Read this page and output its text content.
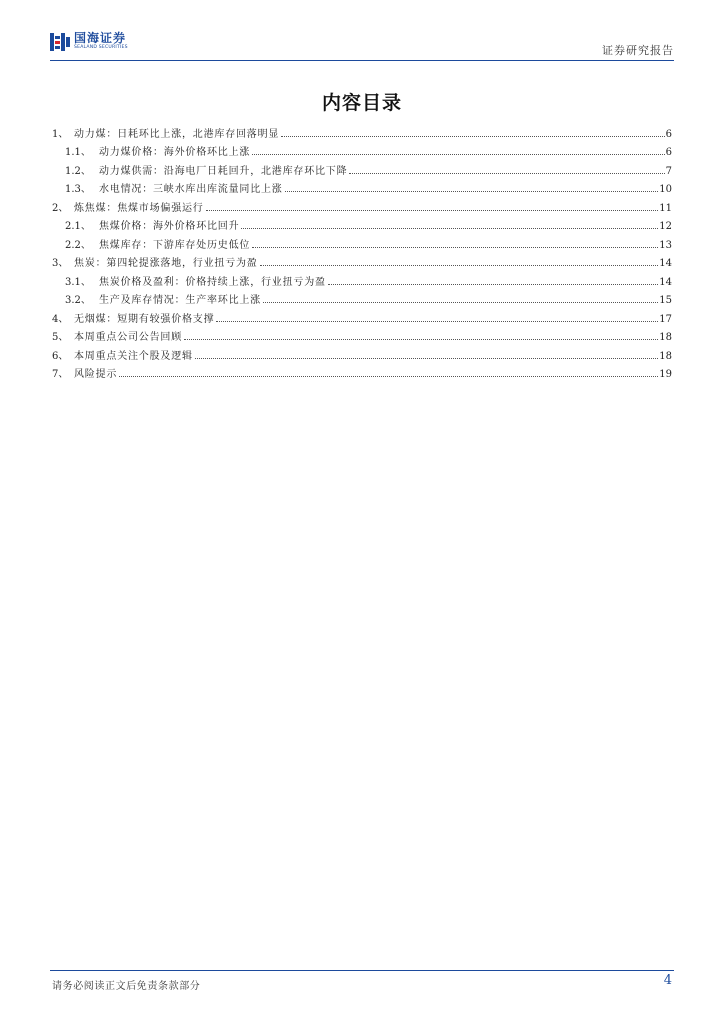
国海证券
SEALAND SECURITIES	证券研究报告
内容目录
1、 动力煤：日耗环比上涨，北港库存回落明显	6
1.1、 动力煤价格：海外价格环比上涨	6
1.2、 动力煤供需：沿海电厂日耗回升，北港库存环比下降	7
1.3、 水电情况：三峡水库出库流量同比上涨	10
2、 炼焦煤：焦煤市场偏强运行	11
2.1、 焦煤价格：海外价格环比回升	12
2.2、 焦煤库存：下游库存处历史低位	13
3、 焦炭：第四轮提涨落地，行业扭亏为盈	14
3.1、 焦炭价格及盈利：价格持续上涨，行业扭亏为盈	14
3.2、 生产及库存情况：生产率环比上涨	15
4、 无烟煤：短期有较强价格支撑	17
5、 本周重点公司公告回顾	18
6、 本周重点关注个股及逻辑	18
7、 风险提示	19
请务必阅读正文后免责条款部分	4
